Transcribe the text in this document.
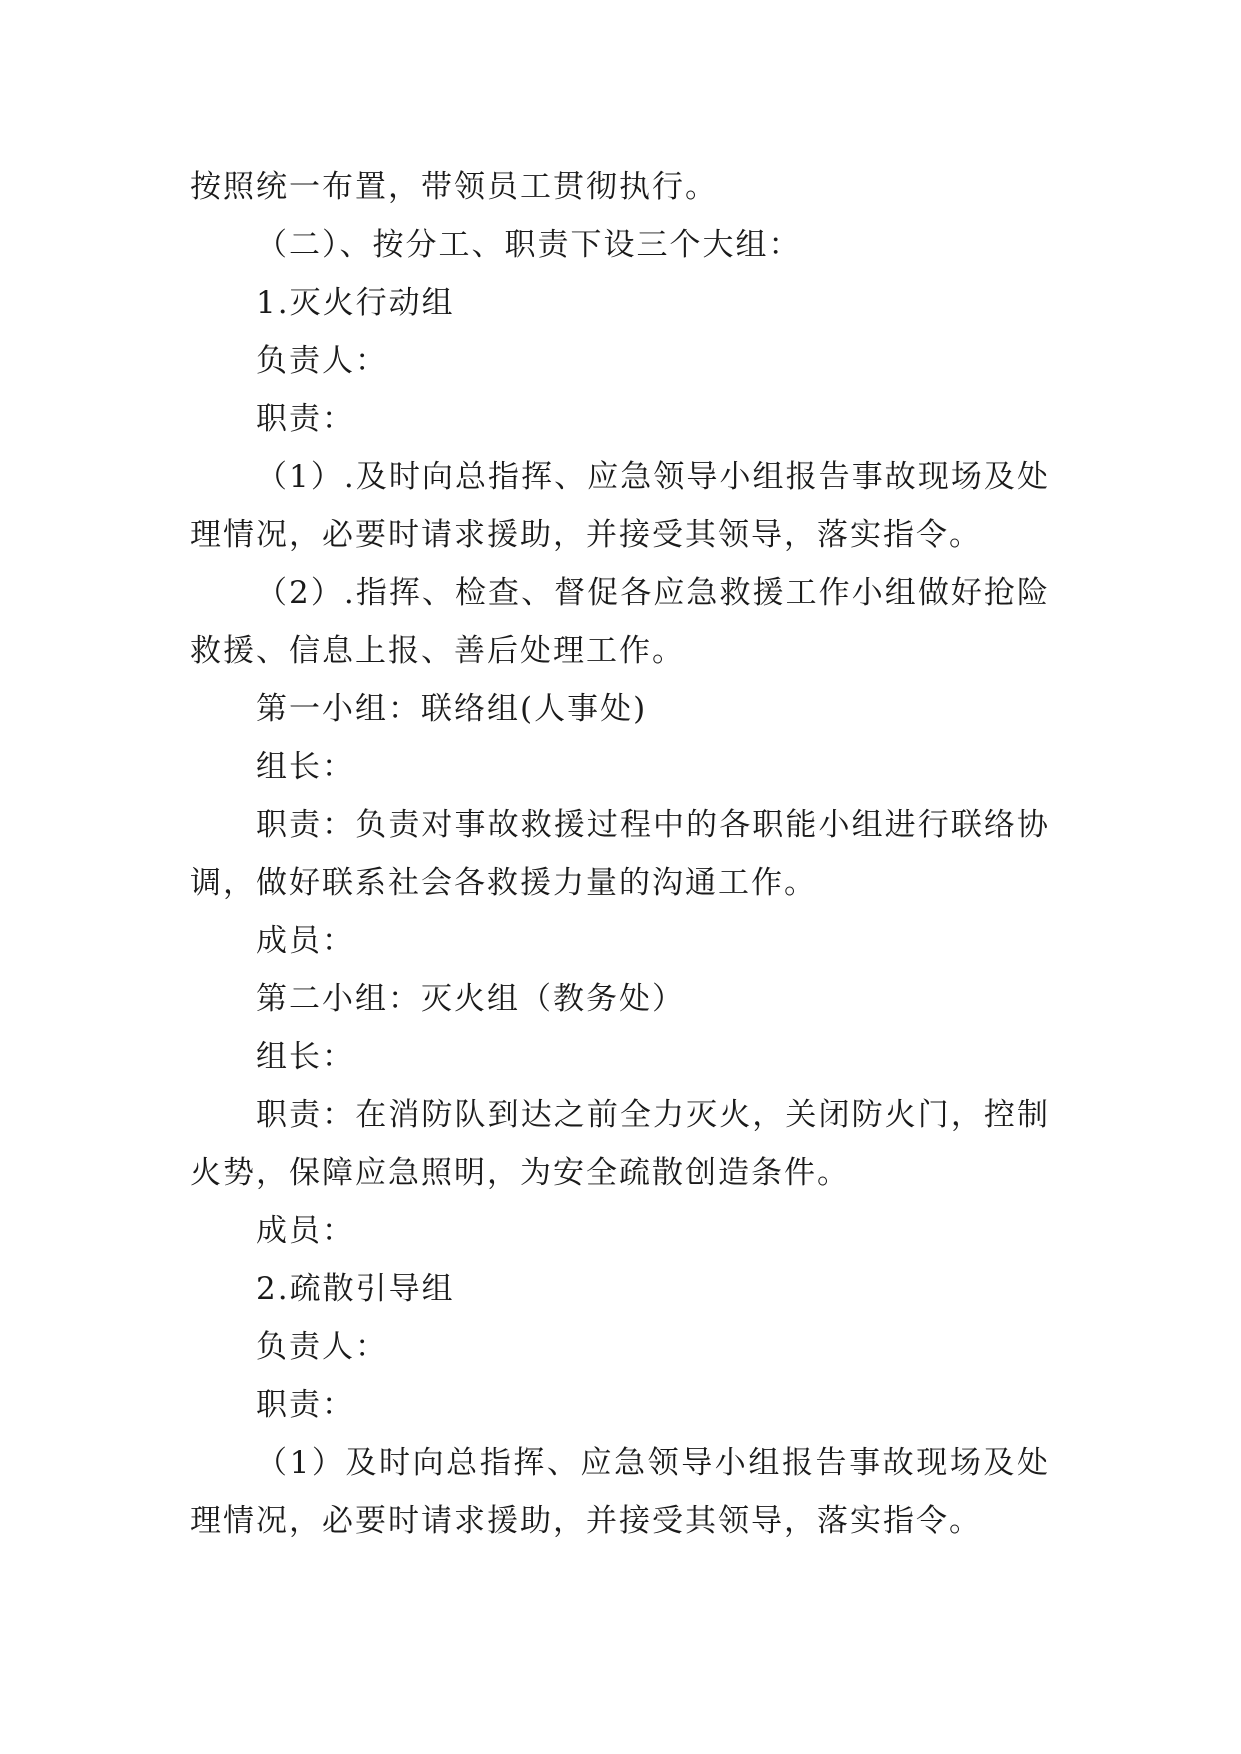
按照统一布置，带领员工贯彻执行。

（二）、按分工、职责下设三个大组：

1.灭火行动组

负责人：

职责：

（1）.及时向总指挥、应急领导小组报告事故现场及处理情况，必要时请求援助，并接受其领导，落实指令。

（2）.指挥、检查、督促各应急救援工作小组做好抢险救援、信息上报、善后处理工作。

第一小组：联络组(人事处)

组长：

职责：负责对事故救援过程中的各职能小组进行联络协调，做好联系社会各救援力量的沟通工作。

成员：

第二小组：灭火组（教务处）

组长：

职责：在消防队到达之前全力灭火，关闭防火门，控制火势，保障应急照明，为安全疏散创造条件。

成员：

2.疏散引导组

负责人：

职责：

（1）及时向总指挥、应急领导小组报告事故现场及处理情况，必要时请求援助，并接受其领导，落实指令。
